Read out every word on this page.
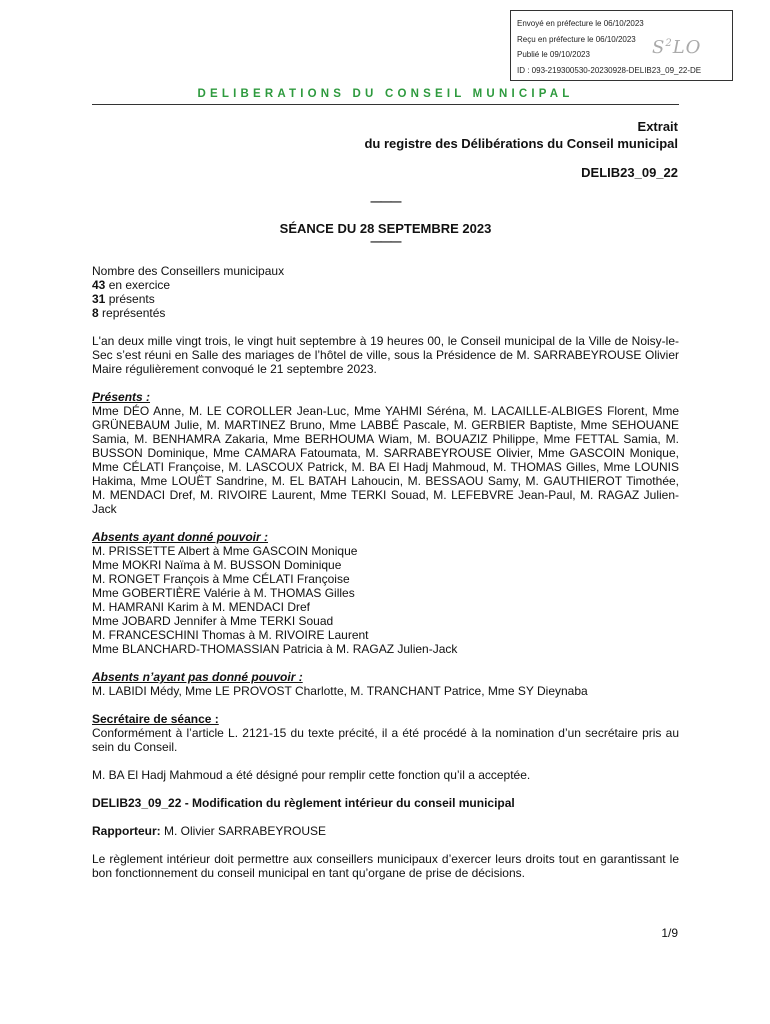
Envoyé en préfecture le 06/10/2023
Reçu en préfecture le 06/10/2023
Publié le 09/10/2023
ID : 093-219300530-20230928-DELIB23_09_22-DE
$S^2LO$
DELIBERATIONS DU CONSEIL MUNICIPAL
Extrait
du registre des Délibérations du Conseil municipal
DELIB23_09_22
———
SÉANCE DU 28 SEPTEMBRE 2023
———
Nombre des Conseillers municipaux
43 en exercice
31 présents
8 représentés
L'an deux mille vingt trois, le vingt huit septembre à 19 heures 00, le Conseil municipal de la Ville de Noisy-le-Sec s’est réuni en Salle des mariages de l’hôtel de ville, sous la Présidence de M. SARRABEYROUSE Olivier Maire régulièrement convoqué le 21 septembre 2023.
Présents :
Mme DÉO Anne, M. LE COROLLER Jean-Luc, Mme YAHMI Séréna, M. LACAILLE-ALBIGES Florent, Mme GRÜNEBAUM Julie, M. MARTINEZ Bruno, Mme LABBÉ Pascale, M. GERBIER Baptiste, Mme SEHOUANE Samia, M. BENHAMRA Zakaria, Mme BERHOUMA Wiam, M. BOUAZIZ Philippe, Mme FETTAL Samia, M. BUSSON Dominique, Mme CAMARA Fatoumata, M. SARRABEYROUSE Olivier, Mme GASCOIN Monique, Mme CÉLATI Françoise, M. LASCOUX Patrick, M. BA El Hadj Mahmoud, M. THOMAS Gilles, Mme LOUNIS Hakima, Mme LOUËT Sandrine, M. EL BATAH Lahoucin, M. BESSAOU Samy, M. GAUTHIEROT Timothée, M. MENDACI Dref, M. RIVOIRE Laurent, Mme TERKI Souad, M. LEFEBVRE Jean-Paul, M. RAGAZ Julien-Jack
Absents ayant donné pouvoir :
M. PRISSETTE Albert à Mme GASCOIN Monique
Mme MOKRI Naïma à M. BUSSON Dominique
M. RONGET François à Mme CÉLATI Françoise
Mme GOBERTIÈRE Valérie à M. THOMAS Gilles
M. HAMRANI Karim à M. MENDACI Dref
Mme JOBARD Jennifer à Mme TERKI Souad
M. FRANCESCHINI Thomas à M. RIVOIRE Laurent
Mme BLANCHARD-THOMASSIAN Patricia à M. RAGAZ Julien-Jack
Absents n’ayant pas donné pouvoir :
M. LABIDI Médy, Mme LE PROVOST Charlotte, M. TRANCHANT Patrice, Mme SY Dieynaba
Secrétaire de séance :
Conformément à l’article L. 2121-15 du texte précité, il a été procédé à la nomination d’un secrétaire pris au sein du Conseil.
M. BA El Hadj Mahmoud a été désigné pour remplir cette fonction qu’il a acceptée.
DELIB23_09_22 - Modification du règlement intérieur du conseil municipal
Rapporteur: M. Olivier SARRABEYROUSE
Le règlement intérieur doit permettre aux conseillers municipaux d’exercer leurs droits tout en garantissant le bon fonctionnement du conseil municipal en tant qu’organe de prise de décisions.
1/9
